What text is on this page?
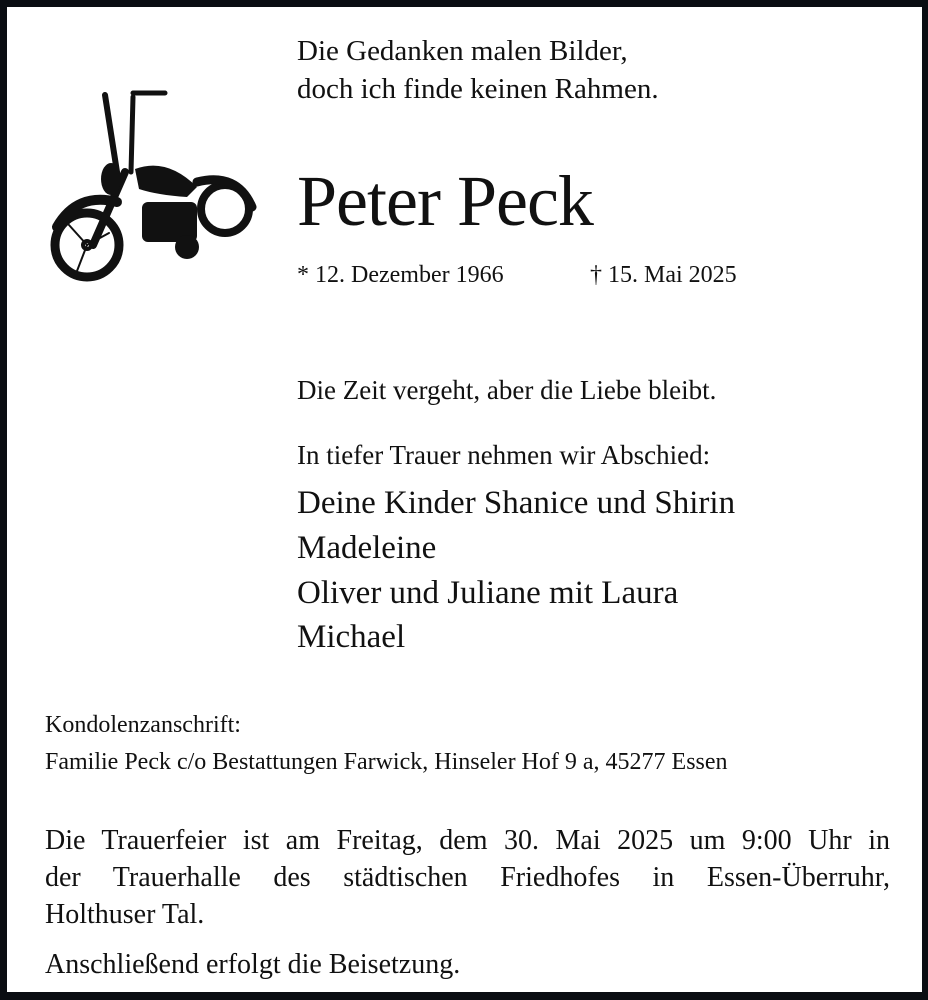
Die Gedanken malen Bilder,
doch ich finde keinen Rahmen.
Peter Peck
* 12. Dezember 1966	† 15. Mai 2025
Die Zeit vergeht, aber die Liebe bleibt.
In tiefer Trauer nehmen wir Abschied:
Deine Kinder Shanice und Shirin
Madeleine
Oliver und Juliane mit Laura
Michael
Kondolenzanschrift:
Familie Peck c/o Bestattungen Farwick, Hinseler Hof 9 a, 45277 Essen
Die Trauerfeier ist am Freitag, dem 30. Mai 2025 um 9:00 Uhr in
der Trauerhalle des städtischen Friedhofes in Essen-Überruhr,
Holthuser Tal.
Anschließend erfolgt die Beisetzung.
